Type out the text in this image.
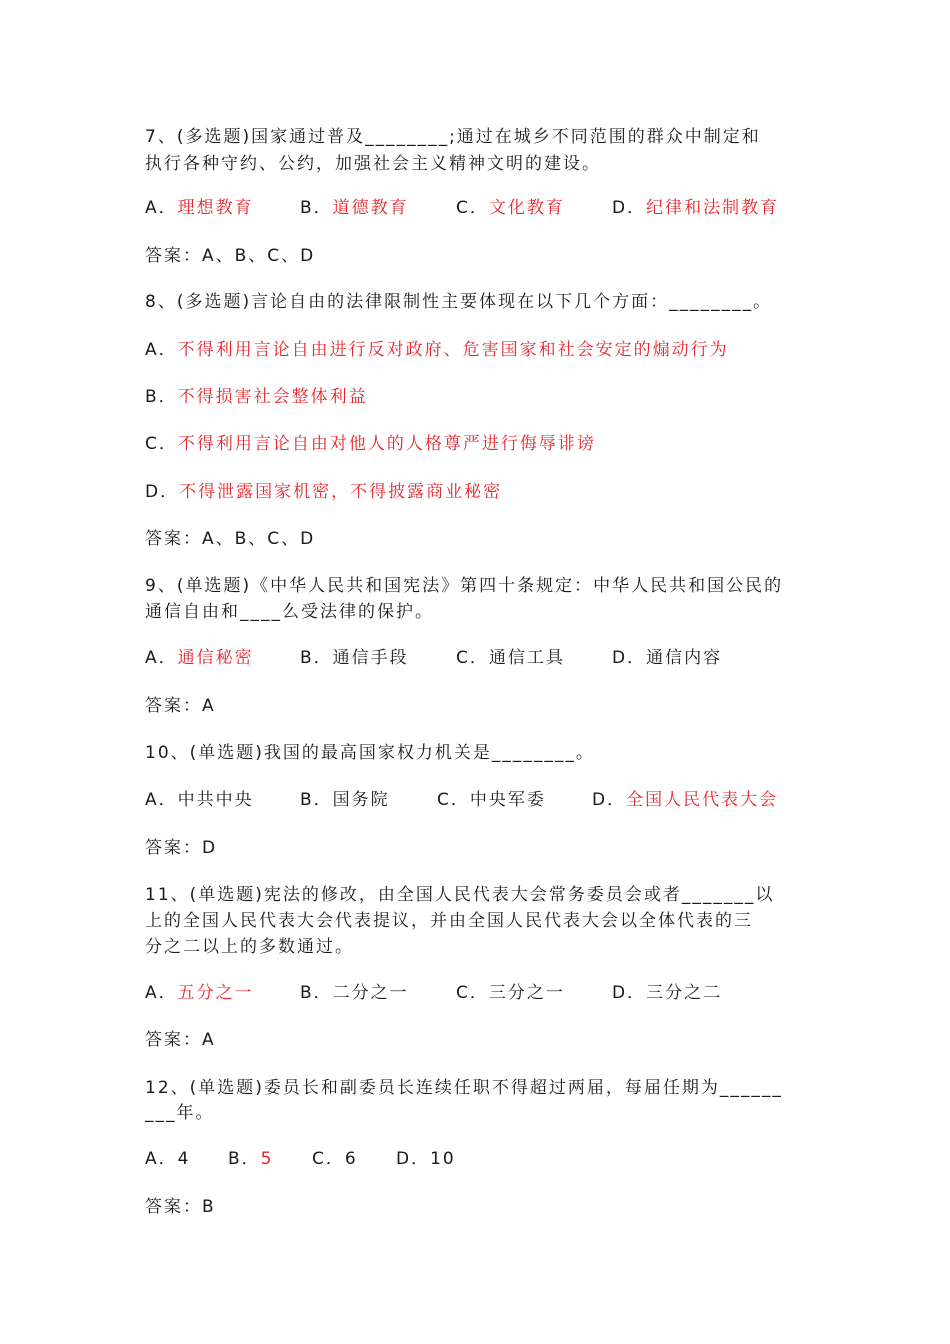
7、(多选题)国家通过普及________;通过在城乡不同范围的群众中制定和
执行各种守约、公约，加强社会主义精神文明的建设。
A．理想教育	B．道德教育	C．文化教育	D．纪律和法制教育
答案：A、B、C、D
8、(多选题)言论自由的法律限制性主要体现在以下几个方面：________。
A．不得利用言论自由进行反对政府、危害国家和社会安定的煽动行为
B．不得损害社会整体利益
C．不得利用言论自由对他人的人格尊严进行侮辱诽谤
D．不得泄露国家机密，不得披露商业秘密
答案：A、B、C、D
9、(单选题)《中华人民共和国宪法》第四十条规定：中华人民共和国公民的
通信自由和____么受法律的保护。
A．通信秘密	B．通信手段	C．通信工具	D．通信内容
答案：A
10、(单选题)我国的最高国家权力机关是________。
A．中共中央	B．国务院	C．中央军委	D．全国人民代表大会
答案：D
11、(单选题)宪法的修改，由全国人民代表大会常务委员会或者_______以
上的全国人民代表大会代表提议，并由全国人民代表大会以全体代表的三
分之二以上的多数通过。
A．五分之一	B．二分之一	C．三分之一	D．三分之二
答案：A
12、(单选题)委员长和副委员长连续任职不得超过两届，每届任期为______
___年。
A．4 B．5 C．6 D．10
答案：B
